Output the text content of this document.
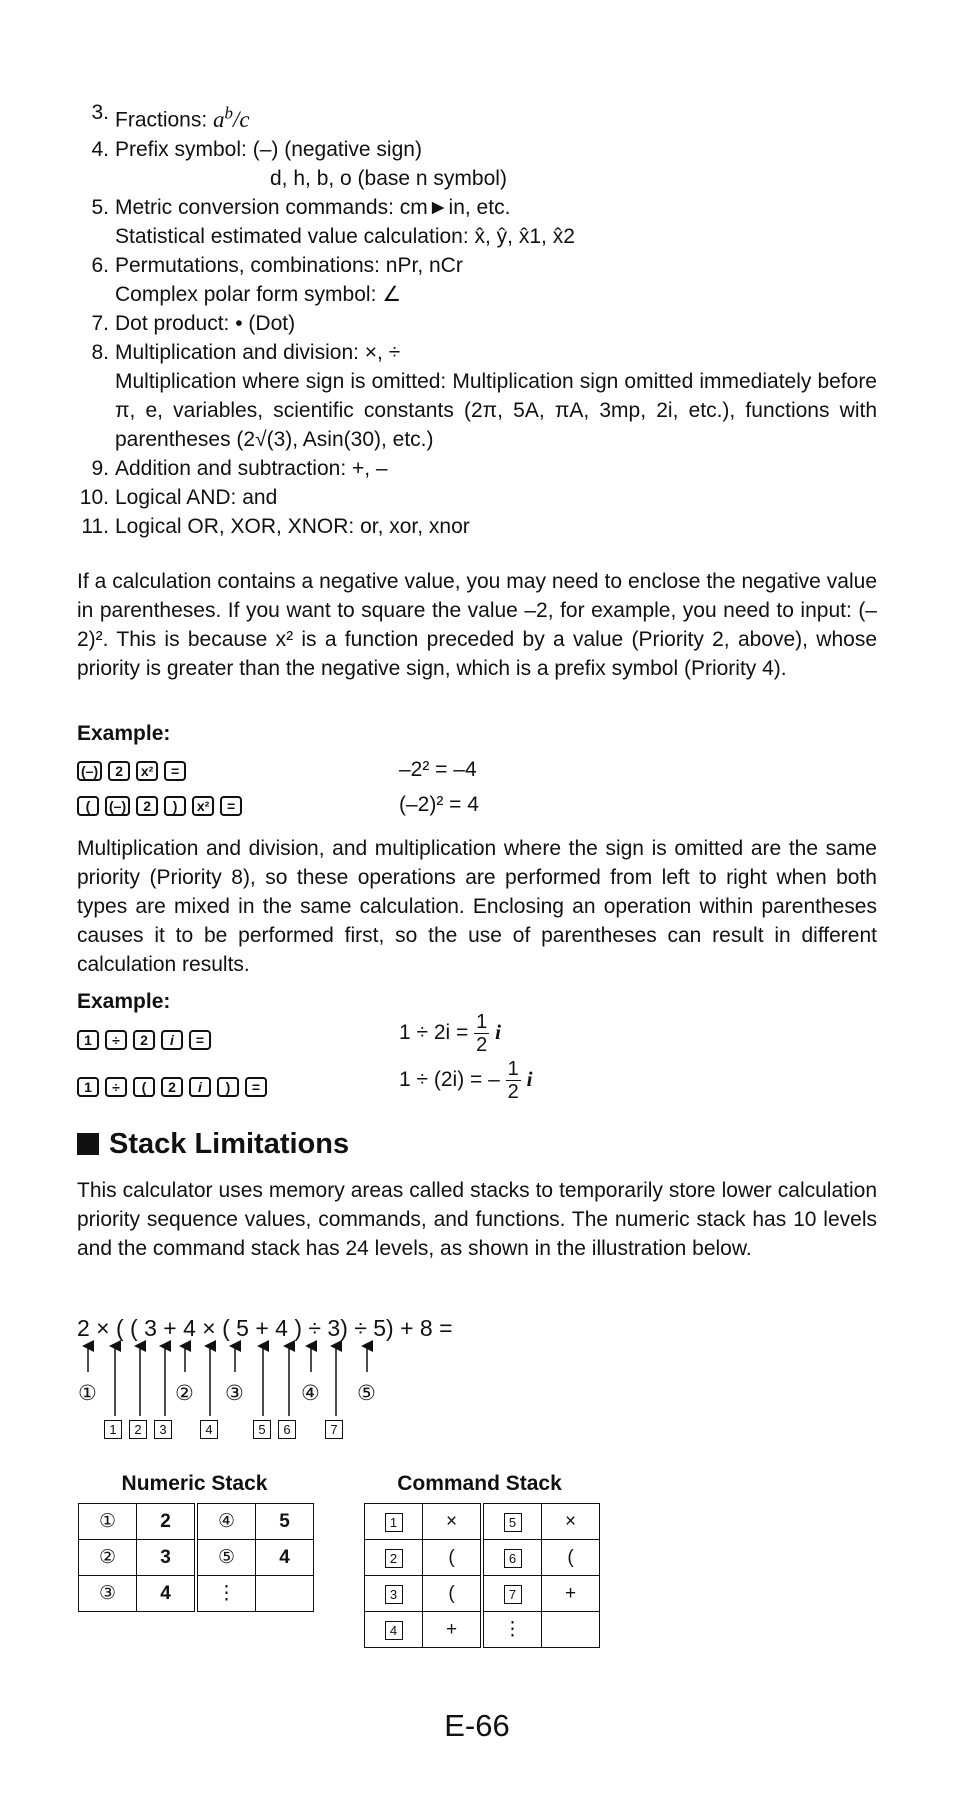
3. Fractions: $a^b/c$
4. Prefix symbol: (–) (negative sign)
d, h, b, o (base n symbol)
5. Metric conversion commands: cm►in, etc.
Statistical estimated value calculation: x̂, ŷ, x̂1, x̂2
6. Permutations, combinations: nPr, nCr
Complex polar form symbol: ∠
7. Dot product: • (Dot)
8. Multiplication and division: ×, ÷
Multiplication where sign is omitted: Multiplication sign omitted immediately before π, e, variables, scientific constants (2π, 5A, πA, 3mp, 2i, etc.), functions with parentheses (2√(3), Asin(30), etc.)
9. Addition and subtraction: +, –
10. Logical AND: and
11. Logical OR, XOR, XNOR: or, xor, xnor

If a calculation contains a negative value, you may need to enclose the negative value in parentheses. If you want to square the value –2, for example, you need to input: (–2)². This is because x² is a function preceded by a value (Priority 2, above), whose priority is greater than the negative sign, which is a prefix symbol (Priority 4).

Example:
(–)	2	x²	=	–2² = –4
(	(–)	2	)	x²	=	(–2)² = 4

Multiplication and division, and multiplication where the sign is omitted are the same priority (Priority 8), so these operations are performed from left to right when both types are mixed in the same calculation. Enclosing an operation within parentheses causes it to be performed first, so the use of parentheses can result in different calculation results.

Example:
1	÷	2	i	=	$1 \div 2i = \frac{1}{2}$ i
1	÷	(	2	i	)	=	1 ÷ (2i) = – $\frac{1}{2}$ i
Stack Limitations

This calculator uses memory areas called stacks to temporarily store lower calculation priority sequence values, commands, and functions. The numeric stack has 10 levels and the command stack has 24 levels, as shown in the illustration below.

2 × ( ( 3 + 4 × ( 5 + 4 ) ÷ 3) ÷ 5) + 8 =
①	② ③	④ ⑤
1	2	3	4	5	6	7
Numeric Stack
①	2	④	5
②	3	⑤	4
③	4	⋮	
Command Stack
1	×	5	×
2	(	6	(
3	(	7	+
4	+	⋮	
E-66
